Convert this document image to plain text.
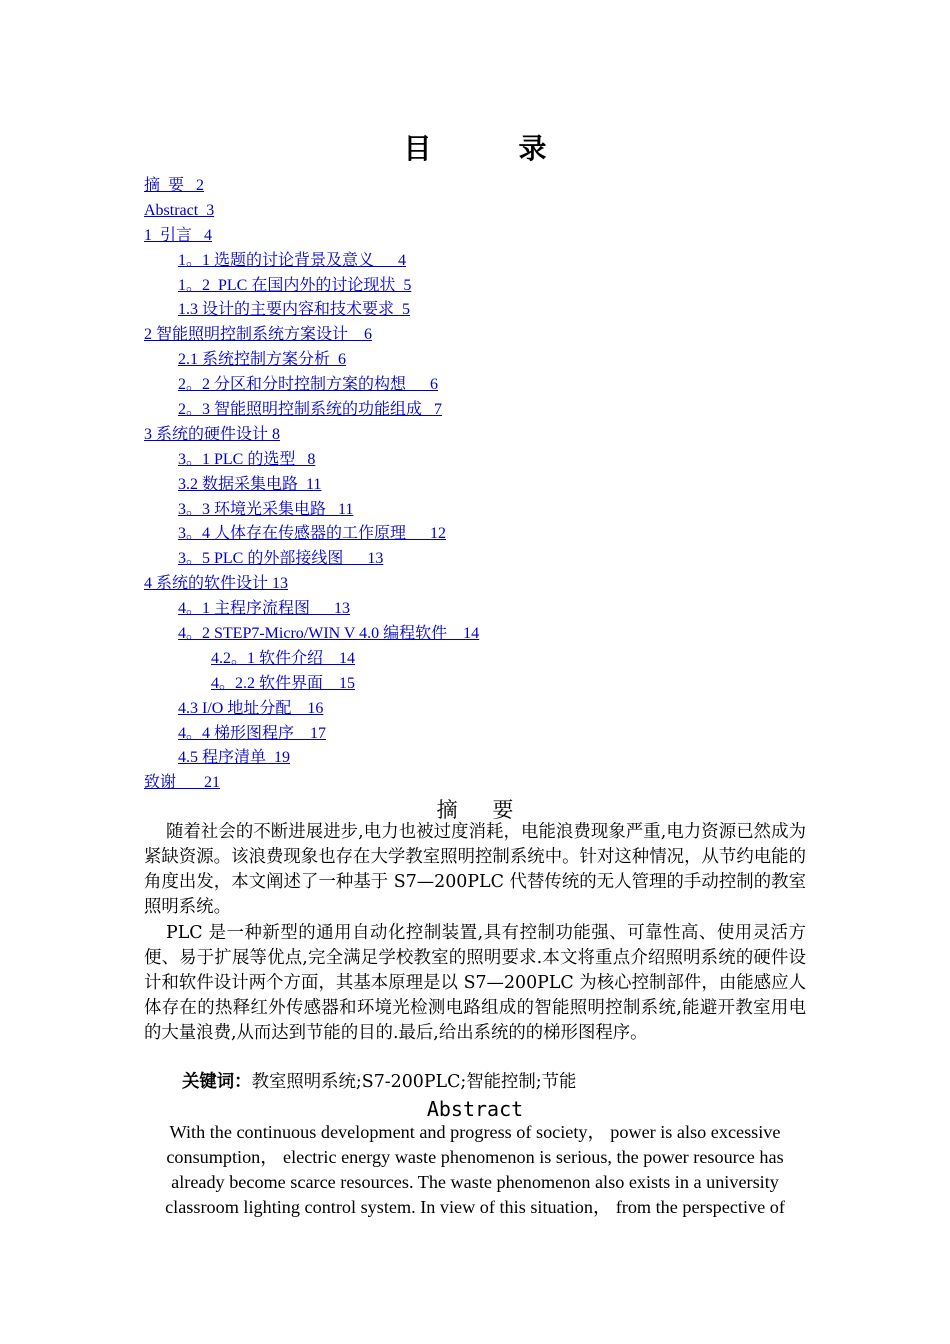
目 录
摘  要   2
Abstract  3
1  引言   4
1。1 选题的讨论背景及意义      4
1。2  PLC 在国内外的讨论现状  5
1.3 设计的主要内容和技术要求  5
2 智能照明控制系统方案设计    6
2.1 系统控制方案分析  6
2。2 分区和分时控制方案的构想      6
2。3 智能照明控制系统的功能组成   7
3 系统的硬件设计 8
3。1 PLC 的选型   8
3.2 数据采集电路  11
3。3 环境光采集电路   11
3。4 人体存在传感器的工作原理      12
3。5 PLC 的外部接线图      13
4 系统的软件设计 13
4。1 主程序流程图      13
4。2 STEP7-Micro/WIN V 4.0 编程软件    14
4.2。1 软件介绍    14
4。2.2 软件界面    15
4.3 I/O 地址分配    16
4。4 梯形图程序    17
4.5 程序清单  19
致谢       21
摘 要

随着社会的不断进展进步,电力也被过度消耗，电能浪费现象严重,电力资源已然成为紧缺资源。该浪费现象也存在大学教室照明控制系统中。针对这种情况，从节约电能的角度出发，本文阐述了一种基于 S7—200PLC 代替传统的无人管理的手动控制的教室照明系统。

PLC 是一种新型的通用自动化控制装置,具有控制功能强、可靠性高、使用灵活方便、易于扩展等优点,完全满足学校教室的照明要求.本文将重点介绍照明系统的硬件设计和软件设计两个方面，其基本原理是以 S7—200PLC 为核心控制部件，由能感应人体存在的热释红外传感器和环境光检测电路组成的智能照明控制系统,能避开教室用电的大量浪费,从而达到节能的目的.最后,给出系统的的梯形图程序。

关键词：教室照明系统;S7-200PLC;智能控制;节能
Abstract

With the continuous development and progress of society， power is also excessive consumption， electric energy waste phenomenon is serious, the power resource has already become scarce resources. The waste phenomenon also exists in a university classroom lighting control system. In view of this situation， from the perspective of
